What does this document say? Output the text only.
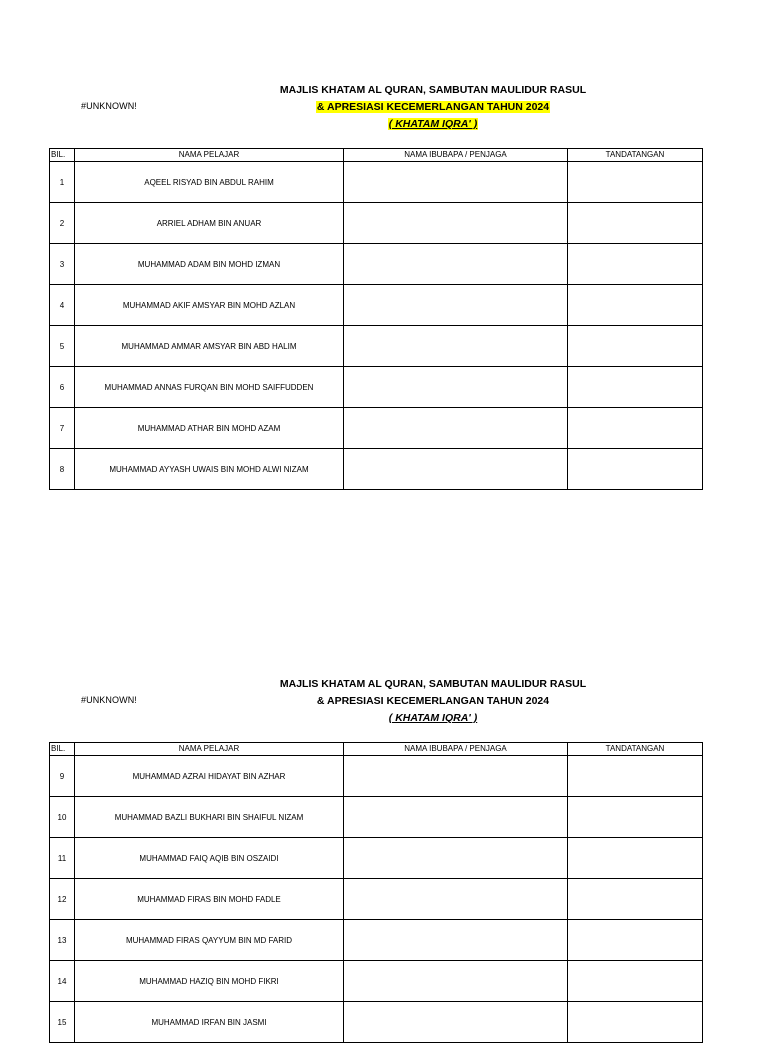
#UNKNOWN!
MAJLIS KHATAM AL QURAN, SAMBUTAN MAULIDUR RASUL
& APRESIASI KECEMERLANGAN TAHUN 2024
( KHATAM IQRA' )
BIL.	NAMA PELAJAR	NAMA IBUBAPA / PENJAGA	TANDATANGAN
1	AQEEL RISYAD BIN ABDUL RAHIM		
2	ARRIEL ADHAM BIN ANUAR		
3	MUHAMMAD ADAM BIN MOHD IZMAN		
4	MUHAMMAD AKIF AMSYAR BIN MOHD AZLAN		
5	MUHAMMAD AMMAR AMSYAR BIN ABD HALIM		
6	MUHAMMAD ANNAS FURQAN BIN MOHD SAIFFUDDEN		
7	MUHAMMAD ATHAR BIN MOHD AZAM		
8	MUHAMMAD AYYASH UWAIS BIN MOHD ALWI NIZAM		
#UNKNOWN!
MAJLIS KHATAM AL QURAN, SAMBUTAN MAULIDUR RASUL
& APRESIASI KECEMERLANGAN TAHUN 2024
( KHATAM IQRA' )
BIL.	NAMA PELAJAR	NAMA IBUBAPA / PENJAGA	TANDATANGAN
9	MUHAMMAD AZRAI HIDAYAT BIN AZHAR		
10	MUHAMMAD BAZLI BUKHARI BIN SHAIFUL NIZAM		
11	MUHAMMAD FAIQ AQIB BIN OSZAIDI		
12	MUHAMMAD FIRAS BIN MOHD FADLE		
13	MUHAMMAD FIRAS QAYYUM BIN MD FARID		
14	MUHAMMAD HAZIQ BIN MOHD FIKRI		
15	MUHAMMAD IRFAN BIN JASMI		
